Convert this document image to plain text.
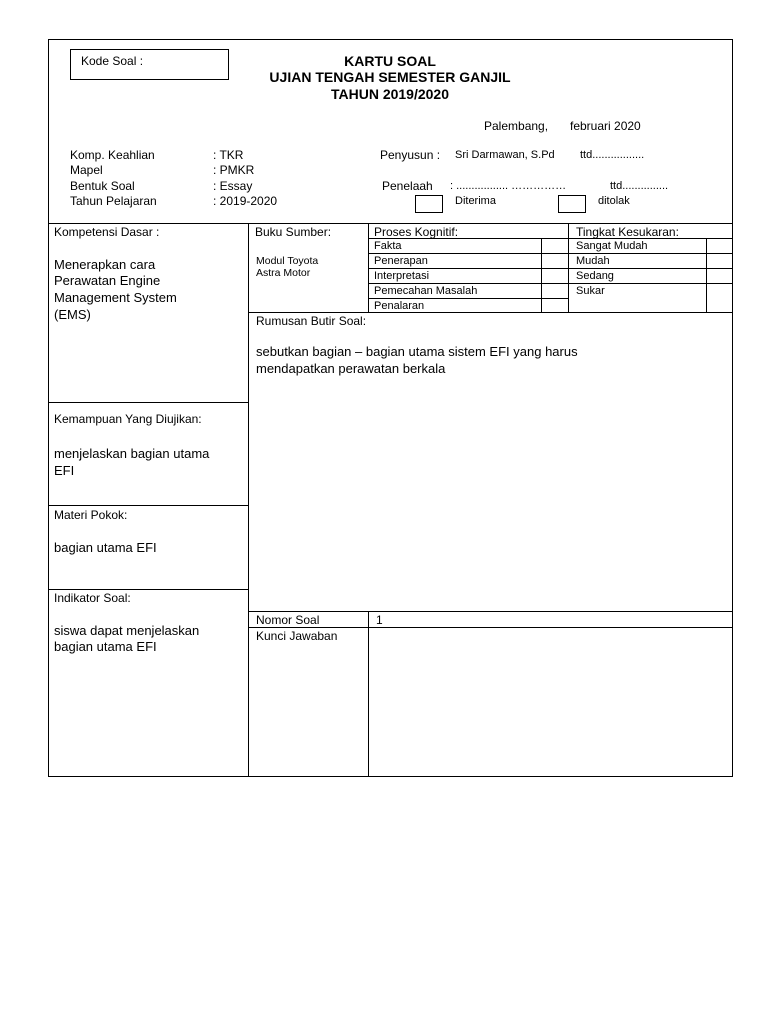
Kode Soal :	KARTU SOAL
UJIAN TENGAH SEMESTER GANJIL
TAHUN 2019/2020
Palembang, februari 2020
Komp. Keahlian	: TKR
Mapel	: PMKR
Bentuk Soal	: Essay
Tahun Pelajaran	: 2019-2020
Penyusun : Sri Darmawan, S.Pd ttd.................
Penelaah : ................. ……………	ttd...............
Diterima	ditolak
Kompetensi Dasar :
Menerapkan cara
Perawatan Engine
Management System
(EMS)
Kemampuan Yang Diujikan:
menjelaskan bagian utama
EFI
Materi Pokok:
bagian utama EFI
Indikator Soal:
siswa dapat menjelaskan
bagian utama EFI
Buku Sumber:
Modul Toyota
Astra Motor
Proses Kognitif:
Fakta
Penerapan
Interpretasi
Pemecahan Masalah
Penalaran
Tingkat Kesukaran:
Sangat Mudah
Mudah
Sedang
Sukar
Rumusan Butir Soal:
sebutkan bagian – bagian utama sistem EFI yang harus
mendapatkan perawatan berkala
Nomor Soal	1
Kunci Jawaban
